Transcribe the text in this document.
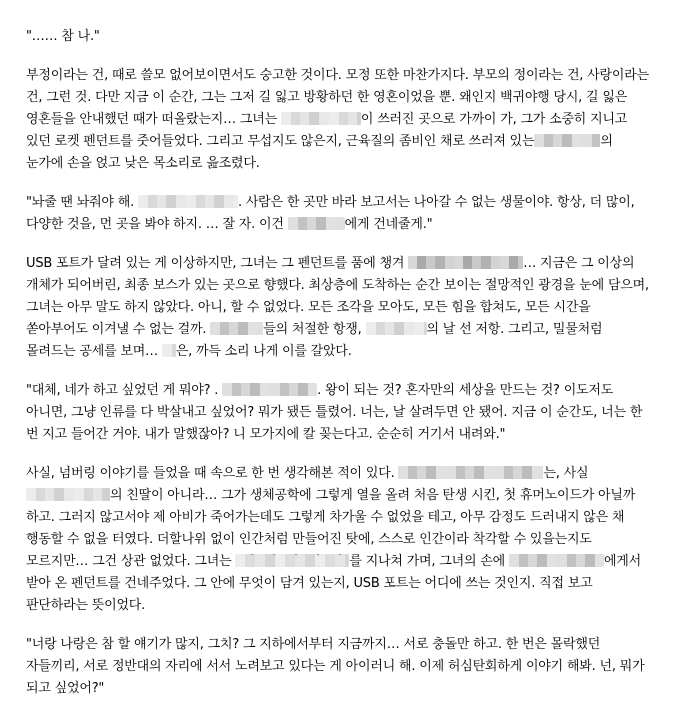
"…… 참 나."

부정이라는 건, 때로 쓸모 없어보이면서도 숭고한 것이다. 모정 또한 마찬가지다. 부모의 정이라는 건, 사랑이라는 건, 그런 것. 다만 지금 이 순간, 그는 그저 길 잃고 방황하던 한 영혼이었을 뿐. 왜인지 백귀야행 당시, 길 잃은 영혼들을 안내했던 때가 떠올랐는지… 그녀는	이 쓰러진 곳으로 가까이 가, 그가 소중히 지니고 있던 로켓 펜던트를 줏어들었다. 그리고 무섭지도 않은지, 근육질의 좀비인 채로 쓰러져 있는	의 눈가에 손을 얹고 낮은 목소리로 읊조렸다.

"놔줄 땐 놔줘야 해.	. 사람은 한 곳만 바라 보고서는 나아갈 수 없는 생물이야. 항상, 더 많이, 다양한 것을, 먼 곳을 봐야 하지. … 잘 자. 이건	에게 건네줄게."

USB 포트가 달려 있는 게 이상하지만, 그녀는 그 펜던트를 품에 챙겨	… 지금은 그 이상의 개체가 되어버린, 최종 보스가 있는 곳으로 향했다. 최상층에 도착하는 순간 보이는 절망적인 광경을 눈에 담으며, 그녀는 아무 말도 하지 않았다. 아니, 할 수 없었다. 모든 조각을 모아도, 모든 힘을 합쳐도, 모든 시간을 쏟아부어도 이겨낼 수 없는 걸까.	들의 처절한 항쟁,	의 날 선 저항. 그리고, 밀물처럼 몰려드는 공세를 보며… 은, 까득 소리 나게 이를 갈았다.

"대체, 네가 하고 싶었던 게 뭐야? .	. 왕이 되는 것? 혼자만의 세상을 만드는 것? 이도저도 아니면, 그냥 인류를 다 박살내고 싶었어? 뭐가 됐든 틀렸어. 너는, 날 살려두면 안 됐어. 지금 이 순간도, 너는 한 번 지고 들어간 거야. 내가 말했잖아? 니 모가지에 칼 꽂는다고. 순순히 거기서 내려와."

사실, 넘버링 이야기를 들었을 때 속으로 한 번 생각해본 적이 있다.	는, 사실 의 친딸이 아니라… 그가 생체공학에 그렇게 열을 올려 처음 탄생 시킨, 첫 휴머노이드가 아닐까 하고. 그러지 않고서야 제 아비가 죽어가는데도 그렇게 차가울 수 없었을 테고, 아무 감정도 드러내지 않은 채 행동할 수 없을 터였다. 더할나위 없이 인간처럼 만들어진 탓에, 스스로 인간이라 착각할 수 있을는지도 모르지만… 그건 상관 없었다. 그녀는	를 지나쳐 가며, 그녀의 손에	에게서 받아 온 펜던트를 건네주었다. 그 안에 무엇이 담겨 있는지, USB 포트는 어디에 쓰는 것인지. 직접 보고 판단하라는 뜻이었다.

"너랑 나랑은 참 할 얘기가 많지, 그치? 그 지하에서부터 지금까지… 서로 충돌만 하고. 한 번은 몰락했던 자들끼리, 서로 정반대의 자리에 서서 노려보고 있다는 게 아이러니 해. 이제 허심탄회하게 이야기 해봐. 넌, 뭐가 되고 싶었어?"
